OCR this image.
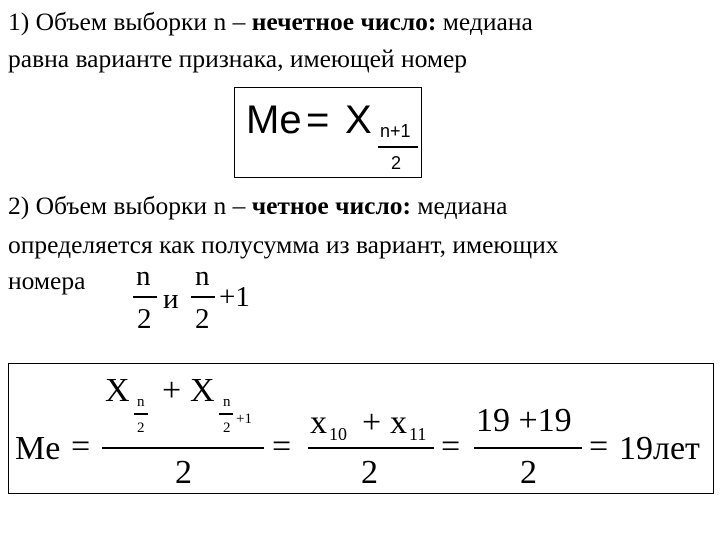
1) Объем выборки n – нечетное число: медиана
равна варианте признака, имеющей номер
Me = X n+1
2
2) Объем выборки n – четное число: медиана
определяется как полусумма из вариант, имеющих
номера	n
2
и
n
2
+1
Me =
X n
2
+ X n
2
+1
2
=
x 10 + x 11
2
=
19 +19
2
= 19лет
